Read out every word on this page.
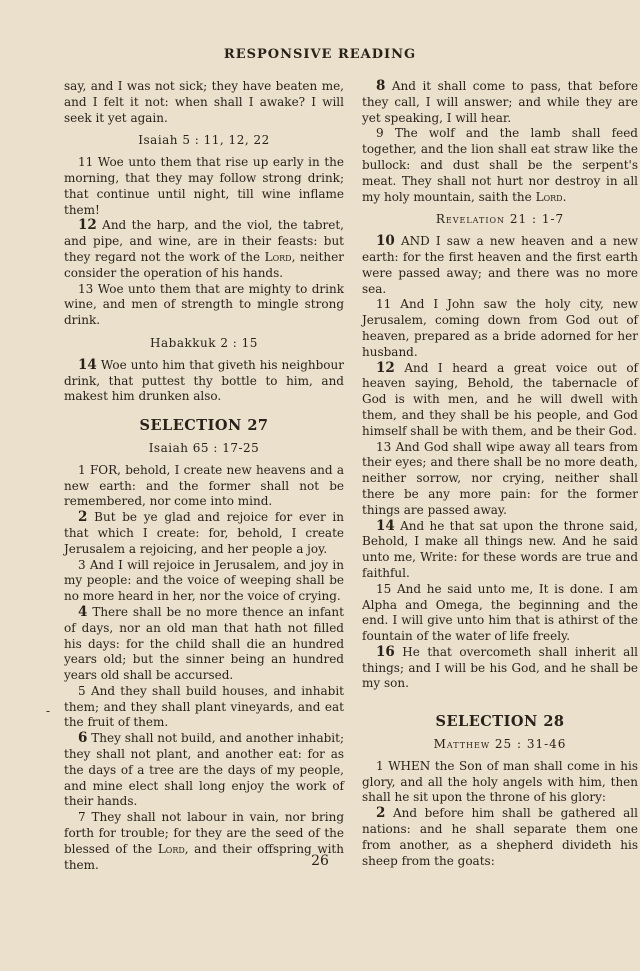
RESPONSIVE READING

say, and I was not sick; they have beaten me, and I felt it not: when shall I awake? I will seek it yet again.

Isaiah 5 : 11, 12, 22

11 Woe unto them that rise up early in the morning, that they may follow strong drink; that continue until night, till wine inflame them!

12 And the harp, and the viol, the tabret, and pipe, and wine, are in their feasts: but they regard not the work of the Lord, neither consider the operation of his hands.

13 Woe unto them that are mighty to drink wine, and men of strength to mingle strong drink.

Habakkuk 2 : 15

14 Woe unto him that giveth his neighbour drink, that puttest thy bottle to him, and makest him drunken also.

SELECTION 27
Isaiah 65 : 17-25

1 FOR, behold, I create new heavens and a new earth: and the former shall not be remembered, nor come into mind.

2 But be ye glad and rejoice for ever in that which I create: for, behold, I create Jerusalem a rejoicing, and her people a joy.

3 And I will rejoice in Jerusalem, and joy in my people: and the voice of weeping shall be no more heard in her, nor the voice of crying.

4 There shall be no more thence an infant of days, nor an old man that hath not filled his days: for the child shall die an hundred years old; but the sinner being an hundred years old shall be accursed.

5 And they shall build houses, and inhabit them; and they shall plant vineyards, and eat the fruit of them.

6 They shall not build, and another inhabit; they shall not plant, and another eat: for as the days of a tree are the days of my people, and mine elect shall long enjoy the work of their hands.

7 They shall not labour in vain, nor bring forth for trouble; for they are the seed of the blessed of the Lord, and their offspring with them.

8 And it shall come to pass, that before they call, I will answer; and while they are yet speaking, I will hear.

9 The wolf and the lamb shall feed together, and the lion shall eat straw like the bullock: and dust shall be the serpent's meat. They shall not hurt nor destroy in all my holy mountain, saith the Lord.

Revelation 21 : 1-7

10 AND I saw a new heaven and a new earth: for the first heaven and the first earth were passed away; and there was no more sea.

11 And I John saw the holy city, new Jerusalem, coming down from God out of heaven, prepared as a bride adorned for her husband.

12 And I heard a great voice out of heaven saying, Behold, the tabernacle of God is with men, and he will dwell with them, and they shall be his people, and God himself shall be with them, and be their God.

13 And God shall wipe away all tears from their eyes; and there shall be no more death, neither sorrow, nor crying, neither shall there be any more pain: for the former things are passed away.

14 And he that sat upon the throne said, Behold, I make all things new. And he said unto me, Write: for these words are true and faithful.

15 And he said unto me, It is done. I am Alpha and Omega, the beginning and the end. I will give unto him that is athirst of the fountain of the water of life freely.

16 He that overcometh shall inherit all things; and I will be his God, and he shall be my son.

SELECTION 28
Matthew 25 : 31-46

1 WHEN the Son of man shall come in his glory, and all the holy angels with him, then shall he sit upon the throne of his glory:

2 And before him shall be gathered all nations: and he shall separate them one from another, as a shepherd divideth his sheep from the goats:

-
26
